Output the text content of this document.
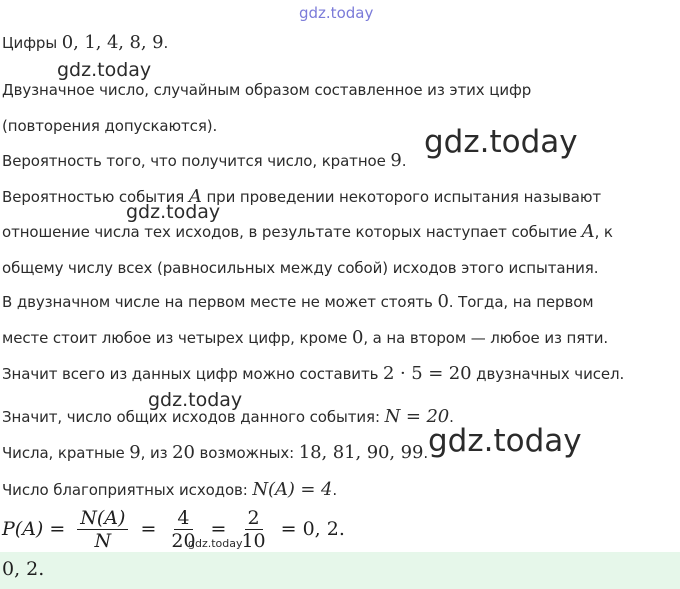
gdz.today
Цифры 0, 1, 4, 8, 9.
gdz.today
Двузначное число, случайным образом составленное из этих цифр
(повторения допускаются).	gdz.today
Вероятность того, что получится число, кратное 9.
Вероятностью события A при проведении некоторого испытания называют
gdz.today
отношение числа тех исходов, в результате которых наступает событие A, к
общему числу всех (равносильных между собой) исходов этого испытания.
В двузначном числе на первом месте не может стоять 0. Тогда, на первом
месте стоит любое из четырех цифр, кроме 0, а на втором — любое из пяти.
Значит всего из данных цифр можно составить 2 · 5 = 20 двузначных чисел.
gdz.today
Значит, число общих исходов данного события: N = 20.
gdz.today
Числа, кратные 9, из 20 возможных: 18, 81, 90, 99.
Число благоприятных исходов: N(A) = 4.
$P(A) = \frac{N(A)}{N} = \frac{4}{20} = \frac{2}{10} = 0$, 2.
gdz.today
0, 2.
